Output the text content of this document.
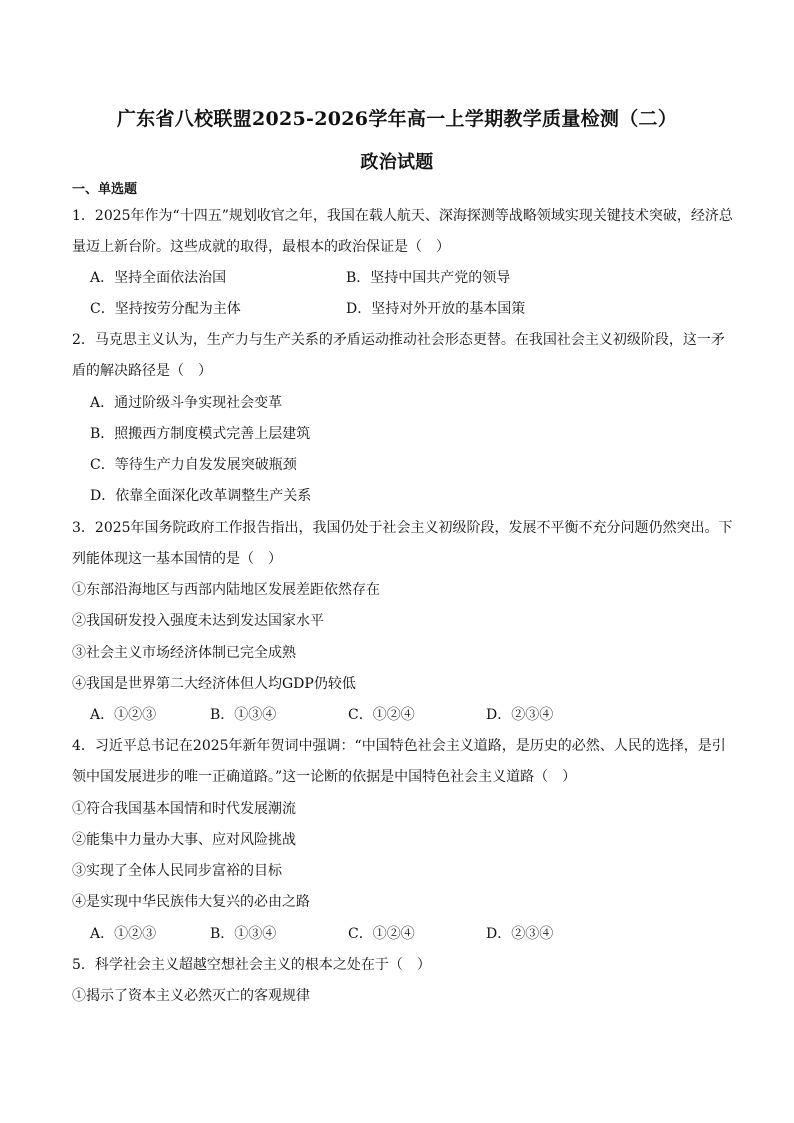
广东省八校联盟2025-2026学年高一上学期教学质量检测（二）
政治试题
一、单选题
1．2025年作为“十四五”规划收官之年，我国在载人航天、深海探测等战略领域实现关键技术突破，经济总
量迈上新台阶。这些成就的取得，最根本的政治保证是（　）
A．坚持全面依法治国	B．坚持中国共产党的领导
C．坚持按劳分配为主体	D．坚持对外开放的基本国策
2．马克思主义认为，生产力与生产关系的矛盾运动推动社会形态更替。在我国社会主义初级阶段，这一矛
盾的解决路径是（　）
A．通过阶级斗争实现社会变革
B．照搬西方制度模式完善上层建筑
C．等待生产力自发发展突破瓶颈
D．依靠全面深化改革调整生产关系
3．2025年国务院政府工作报告指出，我国仍处于社会主义初级阶段，发展不平衡不充分问题仍然突出。下
列能体现这一基本国情的是（　）
①东部沿海地区与西部内陆地区发展差距依然存在
②我国研发投入强度未达到发达国家水平
③社会主义市场经济体制已完全成熟
④我国是世界第二大经济体但人均GDP仍较低
A．①②③	B．①③④	C．①②④	D．②③④
4．习近平总书记在2025年新年贺词中强调：“中国特色社会主义道路，是历史的必然、人民的选择，是引
领中国发展进步的唯一正确道路。”这一论断的依据是中国特色社会主义道路（　）
①符合我国基本国情和时代发展潮流
②能集中力量办大事、应对风险挑战
③实现了全体人民同步富裕的目标
④是实现中华民族伟大复兴的必由之路
A．①②③	B．①③④	C．①②④	D．②③④
5．科学社会主义超越空想社会主义的根本之处在于（　）
①揭示了资本主义必然灭亡的客观规律
